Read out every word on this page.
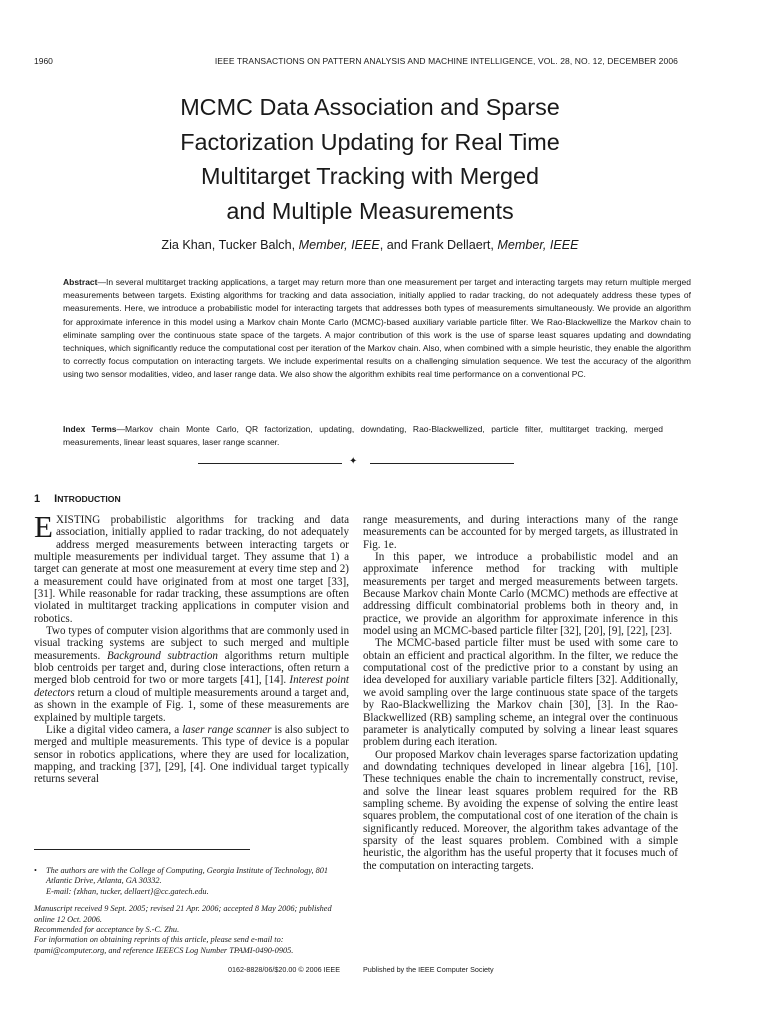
1960	IEEE TRANSACTIONS ON PATTERN ANALYSIS AND MACHINE INTELLIGENCE, VOL. 28, NO. 12, DECEMBER 2006
MCMC Data Association and Sparse
Factorization Updating for Real Time
Multitarget Tracking with Merged
and Multiple Measurements
Zia Khan, Tucker Balch, Member, IEEE, and Frank Dellaert, Member, IEEE
Abstract—In several multitarget tracking applications, a target may return more than one measurement per target and interacting targets may return multiple merged measurements between targets. Existing algorithms for tracking and data association, initially applied to radar tracking, do not adequately address these types of measurements. Here, we introduce a probabilistic model for interacting targets that addresses both types of measurements simultaneously. We provide an algorithm for approximate inference in this model using a Markov chain Monte Carlo (MCMC)-based auxiliary variable particle filter. We Rao-Blackwellize the Markov chain to eliminate sampling over the continuous state space of the targets. A major contribution of this work is the use of sparse least squares updating and downdating techniques, which significantly reduce the computational cost per iteration of the Markov chain. Also, when combined with a simple heuristic, they enable the algorithm to correctly focus computation on interacting targets. We include experimental results on a challenging simulation sequence. We test the accuracy of the algorithm using two sensor modalities, video, and laser range data. We also show the algorithm exhibits real time performance on a conventional PC.
Index Terms—Markov chain Monte Carlo, QR factorization, updating, downdating, Rao-Blackwellized, particle filter, multitarget tracking, merged measurements, linear least squares, laser range scanner.
✦
1 INTRODUCTION

EXISTING probabilistic algorithms for tracking and data association, initially applied to radar tracking, do not adequately address merged measurements between interacting targets or multiple measurements per individual target. They assume that 1) a target can generate at most one measurement at every time step and 2) a measurement could have originated from at most one target [33], [31]. While reasonable for radar tracking, these assumptions are often violated in multitarget tracking applications in computer vision and robotics.

Two types of computer vision algorithms that are commonly used in visual tracking systems are subject to such merged and multiple measurements. Background subtraction algorithms return multiple blob centroids per target and, during close interactions, often return a merged blob centroid for two or more targets [41], [14]. Interest point detectors return a cloud of multiple measurements around a target and, as shown in the example of Fig. 1, some of these measurements are explained by multiple targets.

Like a digital video camera, a laser range scanner is also subject to merged and multiple measurements. This type of device is a popular sensor in robotics applications, where they are used for localization, mapping, and tracking [37], [29], [4]. One individual target typically returns several

range measurements, and during interactions many of the range measurements can be accounted for by merged targets, as illustrated in Fig. 1e.

In this paper, we introduce a probabilistic model and an approximate inference method for tracking with multiple measurements per target and merged measurements between targets. Because Markov chain Monte Carlo (MCMC) methods are effective at addressing difficult combinatorial problems both in theory and, in practice, we provide an algorithm for approximate inference in this model using an MCMC-based particle filter [32], [20], [9], [22], [23].

The MCMC-based particle filter must be used with some care to obtain an efficient and practical algorithm. In the filter, we reduce the computational cost of the predictive prior to a constant by using an idea developed for auxiliary variable particle filters [32]. Additionally, we avoid sampling over the large continuous state space of the targets by Rao-Blackwellizing the Markov chain [30], [3]. In the Rao-Blackwellized (RB) sampling scheme, an integral over the continuous parameter is analytically computed by solving a linear least squares problem during each iteration.

Our proposed Markov chain leverages sparse factorization updating and downdating techniques developed in linear algebra [16], [10]. These techniques enable the chain to incrementally construct, revise, and solve the linear least squares problem required for the RB sampling scheme. By avoiding the expense of solving the entire least squares problem, the computational cost of one iteration of the chain is significantly reduced. Moreover, the algorithm takes advantage of the sparsity of the least squares problem. Combined with a simple heuristic, the algorithm has the useful property that it focuses much of the computation on interacting targets.

•	The authors are with the College of Computing, Georgia Institute of Technology, 801 Atlantic Drive, Atlanta, GA 30332.

E-mail: {zkhan, tucker, dellaert}@cc.gatech.edu.

Manuscript received 9 Sept. 2005; revised 21 Apr. 2006; accepted 8 May 2006; published online 12 Oct. 2006.

Recommended for acceptance by S.-C. Zhu.

For information on obtaining reprints of this article, please send e-mail to: tpami@computer.org, and reference IEEECS Log Number TPAMI-0490-0905.

0162-8828/06/$20.00 © 2006 IEEE	Published by the IEEE Computer Society
